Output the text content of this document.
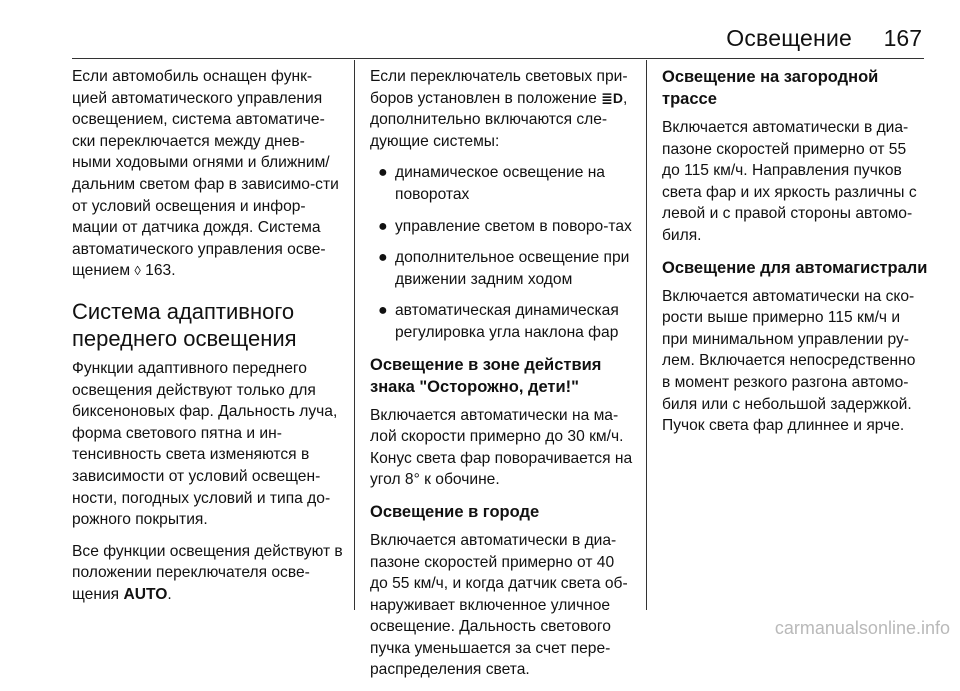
Освещение 167

Если автомобиль оснащен функ-цией автоматического управления освещением, система автоматиче-ски переключается между днев-ными ходовыми огнями и ближним/дальним светом фар в зависимо-сти от условий освещения и инфор-мации от датчика дождя. Система автоматического управления осве-щением ◊ 163.

Система адаптивного переднего освещения

Функции адаптивного переднего освещения действуют только для биксеноновых фар. Дальность луча, форма светового пятна и ин-тенсивность света изменяются в зависимости от условий освещен-ности, погодных условий и типа до-рожного покрытия.

Все функции освещения действуют в положении переключателя осве-щения AUTO.

Если переключатель световых при-боров установлен в положение ≣D, дополнительно включаются сле-дующие системы:

● динамическое освещение на поворотах
● управление светом в поворо-тах
● дополнительное освещение при движении задним ходом
● автоматическая динамическая регулировка угла наклона фар
Освещение в зоне действия знака "Осторожно, дети!"

Включается автоматически на ма-лой скорости примерно до 30 км/ч. Конус света фар поворачивается на угол 8° к обочине.

Освещение в городе

Включается автоматически в диа-пазоне скоростей примерно от 40 до 55 км/ч, и когда датчик света об-наруживает включенное уличное освещение. Дальность светового пучка уменьшается за счет пере-распределения света.

Освещение на загородной трассе

Включается автоматически в диа-пазоне скоростей примерно от 55 до 115 км/ч. Направления пучков света фар и их яркость различны с левой и с правой стороны автомо-биля.

Освещение для автомагистрали

Включается автоматически на ско-рости выше примерно 115 км/ч и при минимальном управлении ру-лем. Включается непосредственно в момент резкого разгона автомо-биля или с небольшой задержкой. Пучок света фар длиннее и ярче.

carmanualsonline.info
